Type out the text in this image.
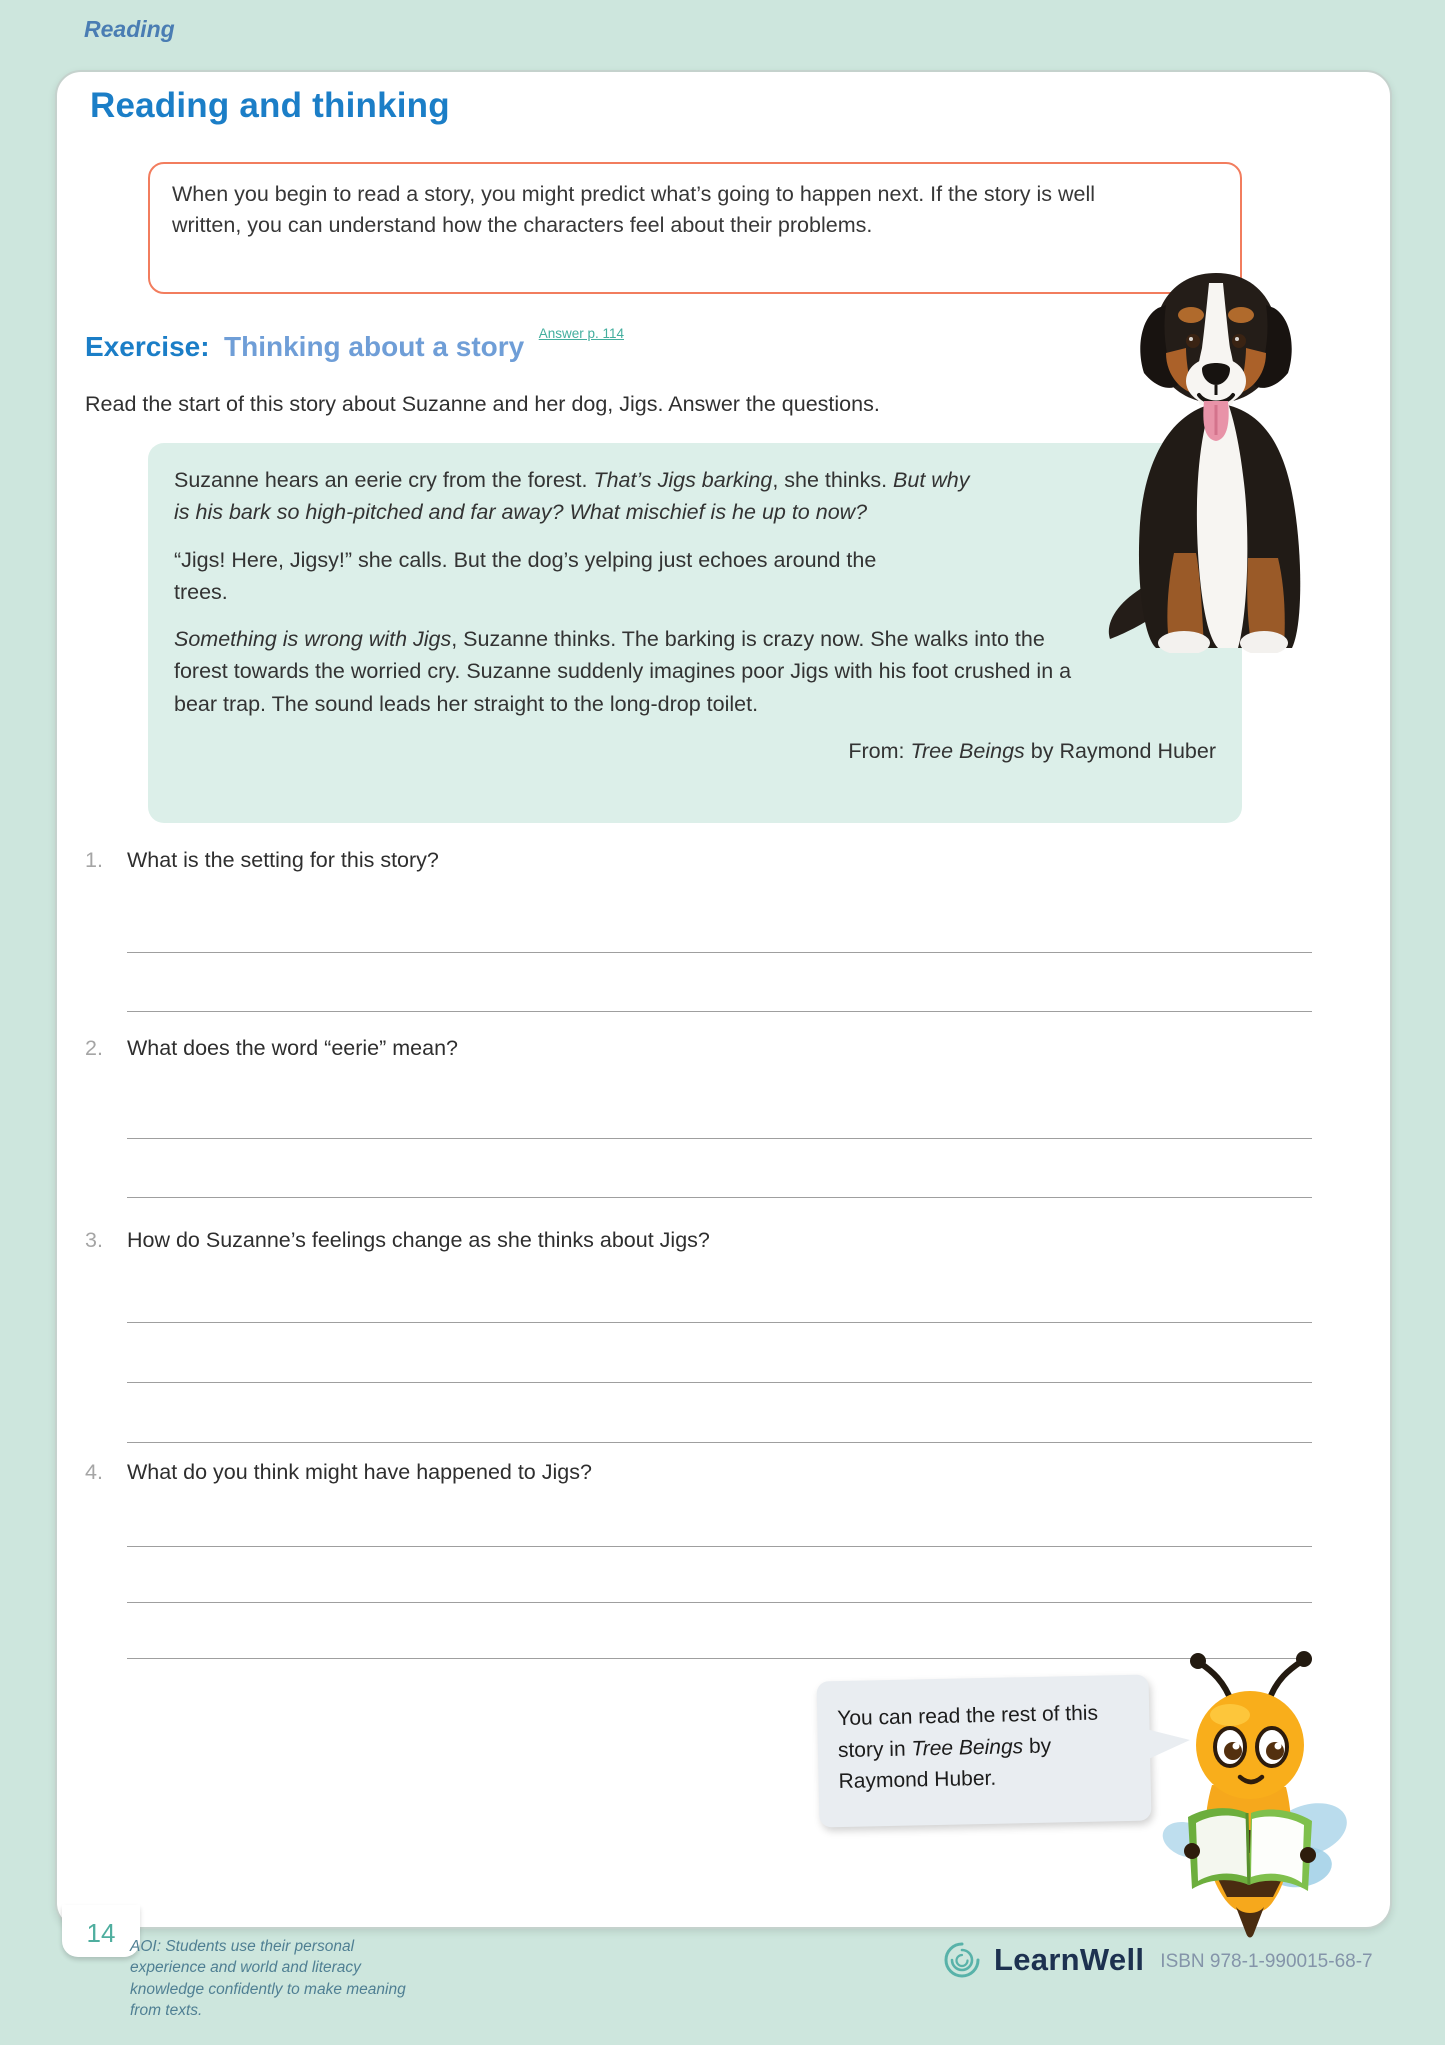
Reading
Reading and thinking

When you begin to read a story, you might predict what’s going to happen next. If the story is well written, you can understand how the characters feel about their problems.

Exercise: Thinking about a story $^{Answer p. 114}$

Read the start of this story about Suzanne and her dog, Jigs. Answer the questions.

Suzanne hears an eerie cry from the forest. That’s Jigs barking, she thinks. But why is his bark so high-pitched and far away? What mischief is he up to now?

“Jigs! Here, Jigsy!” she calls. But the dog’s yelping just echoes around the trees.

Something is wrong with Jigs, Suzanne thinks. The barking is crazy now. She walks into the forest towards the worried cry. Suzanne suddenly imagines poor Jigs with his foot crushed in a bear trap. The sound leads her straight to the long-drop toilet.

From: Tree Beings by Raymond Huber

1. What is the setting for this story?
2. What does the word “eerie” mean?
3. How do Suzanne’s feelings change as she thinks about Jigs?
4. What do you think might have happened to Jigs?

You can read the rest of this story in Tree Beings by Raymond Huber.

14 AOI: Students use their personal experience and world and literacy knowledge confidently to make meaning from texts.
LearnWell ISBN 978-1-990015-68-7
